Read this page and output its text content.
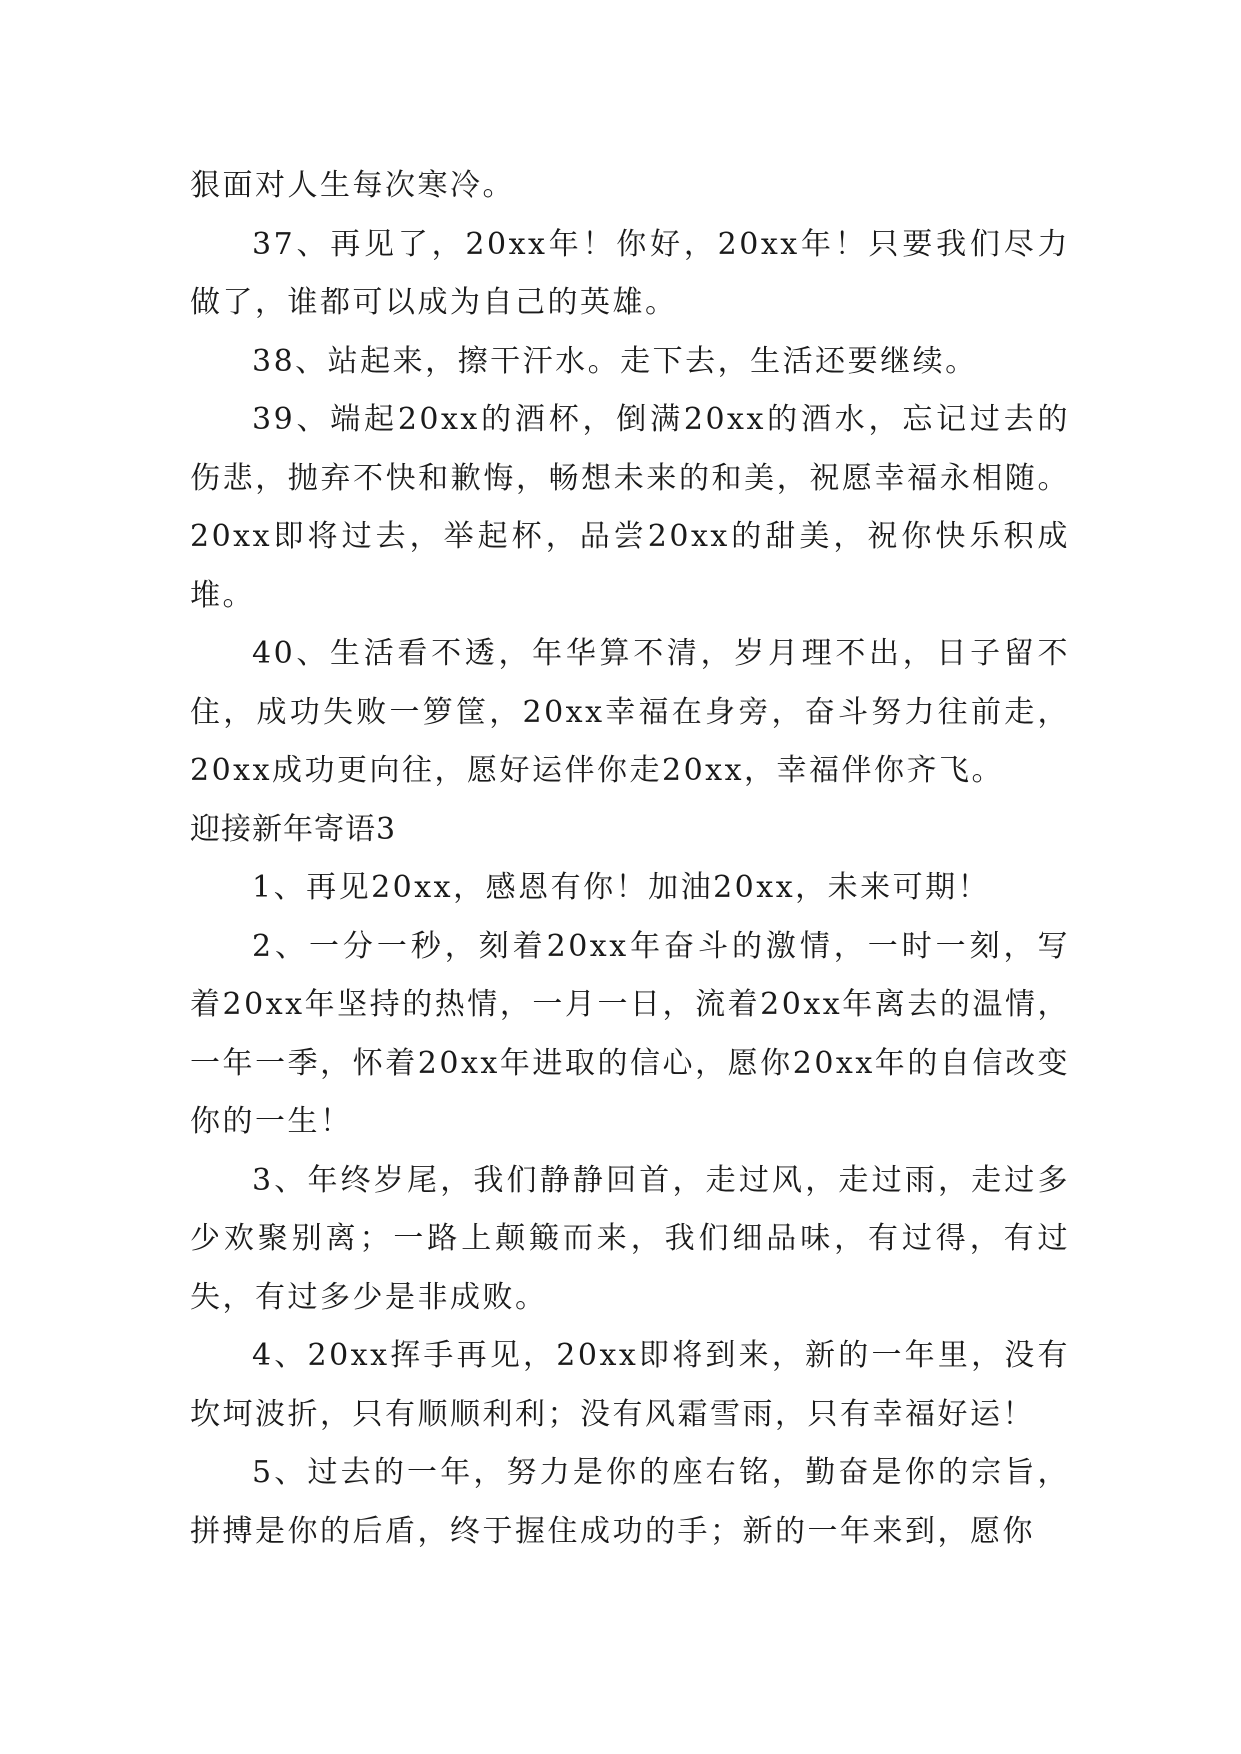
狠面对人生每次寒冷。

37、再见了，20xx年！你好，20xx年！只要我们尽力做了，谁都可以成为自己的英雄。

38、站起来，擦干汗水。走下去，生活还要继续。

39、端起20xx的酒杯，倒满20xx的酒水，忘记过去的伤悲，抛弃不快和歉悔，畅想未来的和美，祝愿幸福永相随。20xx即将过去，举起杯，品尝20xx的甜美，祝你快乐积成堆。

40、生活看不透，年华算不清，岁月理不出，日子留不住，成功失败一箩筐，20xx幸福在身旁，奋斗努力往前走，20xx成功更向往，愿好运伴你走20xx，幸福伴你齐飞。

迎接新年寄语3

1、再见20xx，感恩有你！加油20xx，未来可期！

2、一分一秒，刻着20xx年奋斗的激情，一时一刻，写着20xx年坚持的热情，一月一日，流着20xx年离去的温情，一年一季，怀着20xx年进取的信心，愿你20xx年的自信改变你的一生！

3、年终岁尾，我们静静回首，走过风，走过雨，走过多少欢聚别离；一路上颠簸而来，我们细品味，有过得，有过失，有过多少是非成败。

4、20xx挥手再见，20xx即将到来，新的一年里，没有坎坷波折，只有顺顺利利；没有风霜雪雨，只有幸福好运！

5、过去的一年，努力是你的座右铭，勤奋是你的宗旨，拼搏是你的后盾，终于握住成功的手；新的一年来到，愿你
